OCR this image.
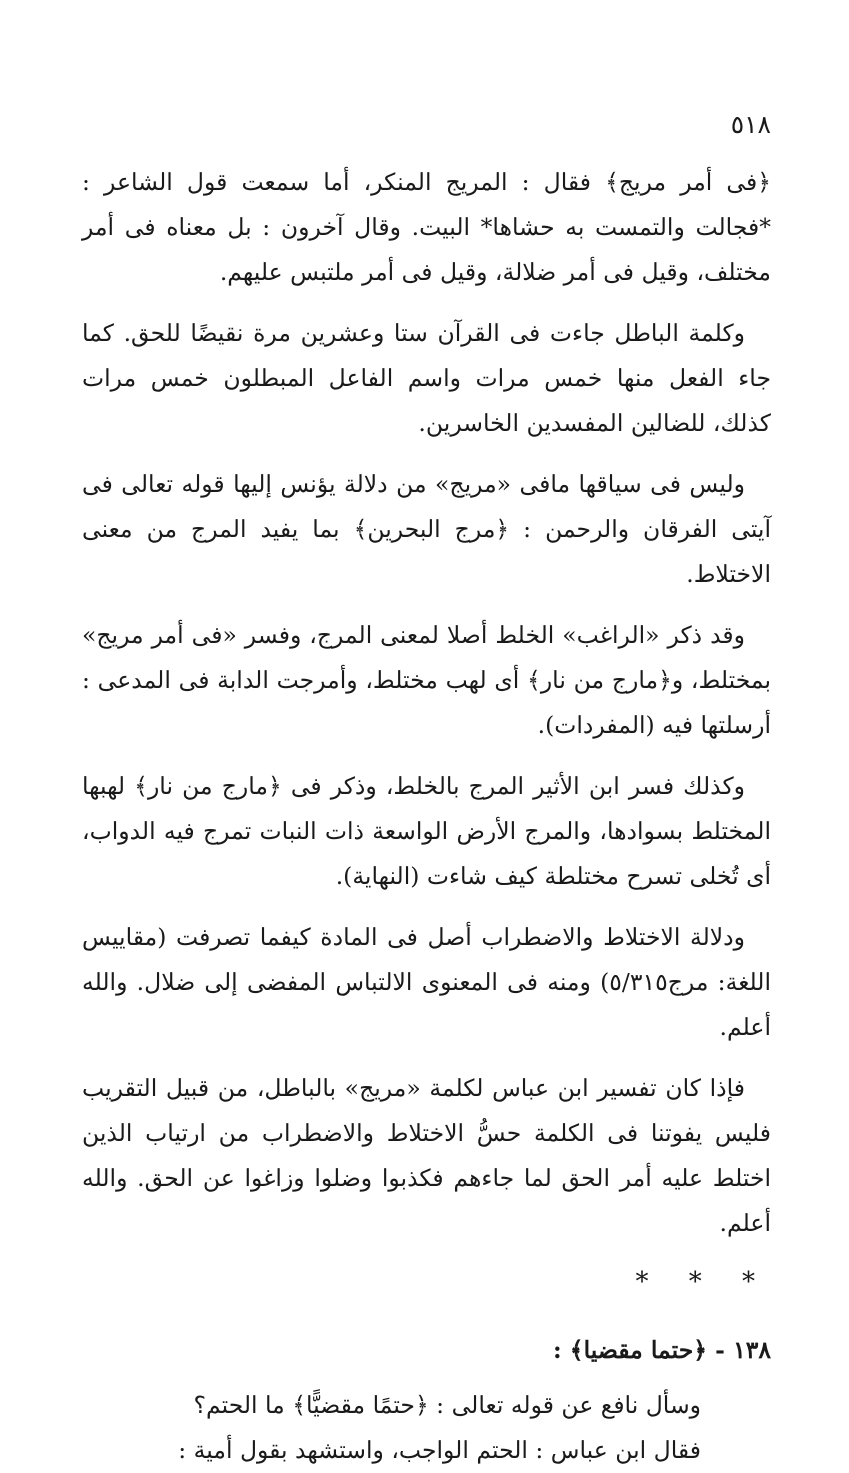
٥١٨

﴿فى أمر مريج﴾ فقال : المريج المنكر، أما سمعت قول الشاعر : *فجالت والتمست به حشاها* البيت. وقال آخرون : بل معناه فى أمر مختلف، وقيل فى أمر ضلالة، وقيل فى أمر ملتبس عليهم.

وكلمة الباطل جاءت فى القرآن ستا وعشرين مرة نقيضًا للحق. كما جاء الفعل منها خمس مرات واسم الفاعل المبطلون خمس مرات كذلك، للضالين المفسدين الخاسرين.

وليس فى سياقها مافى «مريج» من دلالة يؤنس إليها قوله تعالى فى آيتى الفرقان والرحمن : ﴿مرج البحرين﴾ بما يفيد المرج من معنى الاختلاط.

وقد ذكر «الراغب» الخلط أصلا لمعنى المرج، وفسر «فى أمر مريج» بمختلط، و﴿مارج من نار﴾ أى لهب مختلط، وأمرجت الدابة فى المدعى : أرسلتها فيه (المفردات).

وكذلك فسر ابن الأثير المرج بالخلط، وذكر فى ﴿مارج من نار﴾ لهبها المختلط بسوادها، والمرج الأرض الواسعة ذات النبات تمرج فيه الدواب، أى تُخلى تسرح مختلطة كيف شاءت (النهاية).

ودلالة الاختلاط والاضطراب أصل فى المادة كيفما تصرفت (مقاييس اللغة: مرج٥/٣١٥) ومنه فى المعنوى الالتباس المفضى إلى ضلال. والله أعلم.

فإذا كان تفسير ابن عباس لكلمة «مريج» بالباطل، من قبيل التقريب فليس يفوتنا فى الكلمة حسُّ الاختلاط والاضطراب من ارتياب الذين اختلط عليه أمر الحق لما جاءهم فكذبوا وضلوا وزاغوا عن الحق. والله أعلم.

* * *
١٣٨ - ﴿حتما مقضيا﴾ :
وسأل نافع عن قوله تعالى : ﴿حتمًا مقضيًّا﴾ ما الحتم؟
فقال ابن عباس : الحتم الواجب، واستشهد بقول أمية :
